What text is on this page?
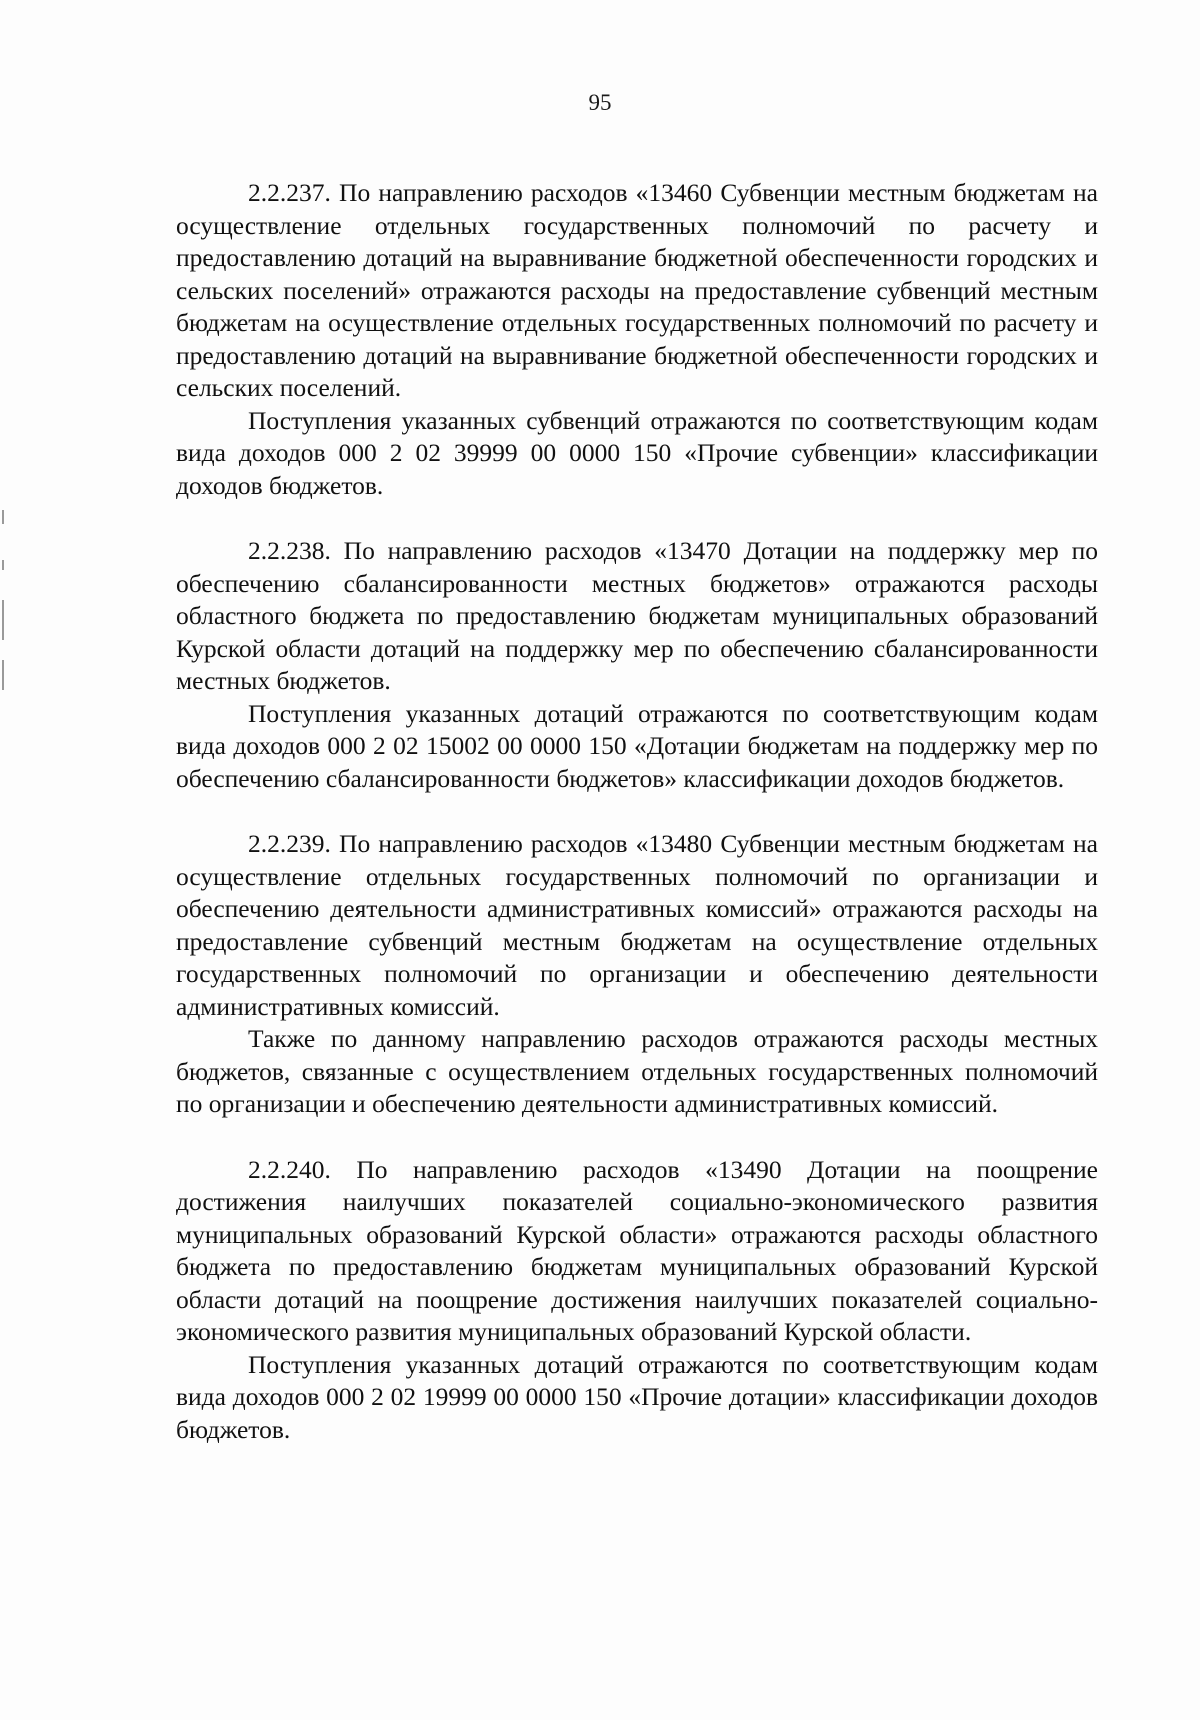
95

2.2.237. По направлению расходов «13460 Субвенции местным бюджетам на осуществление отдельных государственных полномочий по расчету и предоставлению дотаций на выравнивание бюджетной обеспеченности городских и сельских поселений» отражаются расходы на предоставление субвенций местным бюджетам на осуществление отдельных государственных полномочий по расчету и предоставлению дотаций на выравнивание бюджетной обеспеченности городских и сельских поселений.

Поступления указанных субвенций отражаются по соответствующим кодам вида доходов 000 2 02 39999 00 0000 150 «Прочие субвенции» классификации доходов бюджетов.

2.2.238. По направлению расходов «13470 Дотации на поддержку мер по обеспечению сбалансированности местных бюджетов» отражаются расходы областного бюджета по предоставлению бюджетам муниципальных образований Курской области дотаций на поддержку мер по обеспечению сбалансированности местных бюджетов.

Поступления указанных дотаций отражаются по соответствующим кодам вида доходов 000 2 02 15002 00 0000 150 «Дотации бюджетам на поддержку мер по обеспечению сбалансированности бюджетов» классификации доходов бюджетов.

2.2.239. По направлению расходов «13480 Субвенции местным бюджетам на осуществление отдельных государственных полномочий по организации и обеспечению деятельности административных комиссий» отражаются расходы на предоставление субвенций местным бюджетам на осуществление отдельных государственных полномочий по организации и обеспечению деятельности административных комиссий.

Также по данному направлению расходов отражаются расходы местных бюджетов, связанные с осуществлением отдельных государственных полномочий по организации и обеспечению деятельности административных комиссий.

2.2.240. По направлению расходов «13490 Дотации на поощрение достижения наилучших показателей социально-экономического развития муниципальных образований Курской области» отражаются расходы областного бюджета по предоставлению бюджетам муниципальных образований Курской области дотаций на поощрение достижения наилучших показателей социально-экономического развития муниципальных образований Курской области.

Поступления указанных дотаций отражаются по соответствующим кодам вида доходов 000 2 02 19999 00 0000 150 «Прочие дотации» классификации доходов бюджетов.
